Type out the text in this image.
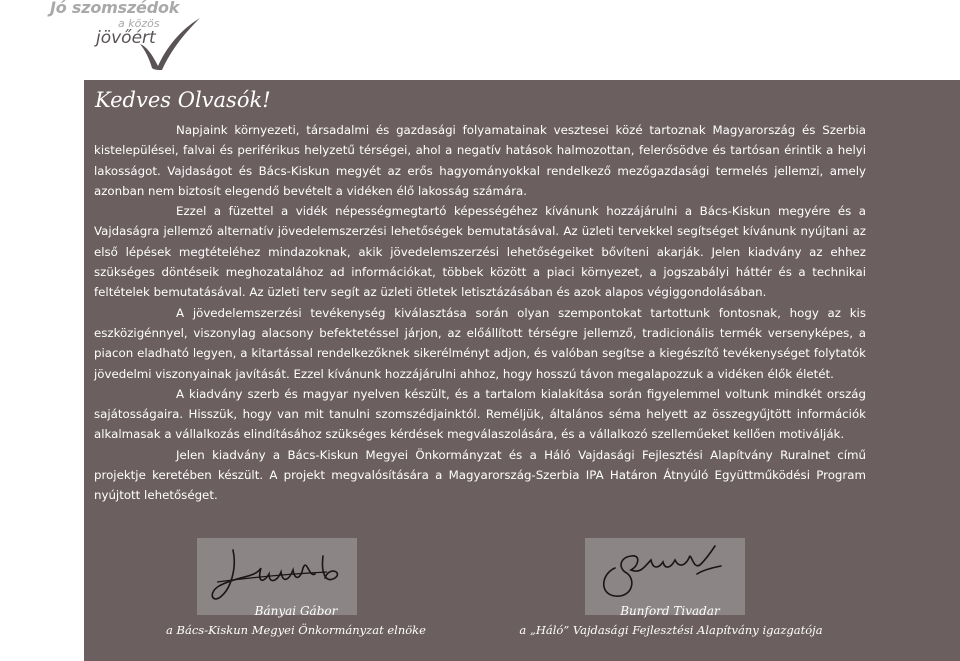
Jó szomszédok
a közös
jövőért
Kedves Olvasók!

Napjaink környezeti, társadalmi és gazdasági folyamatainak vesztesei közé tartoznak Magyarország és Szerbia kistelepülései, falvai és periférikus helyzetű térségei, ahol a negatív hatások halmozottan, felerősödve és tartósan érintik a helyi lakosságot. Vajdaságot és Bács-Kiskun megyét az erős hagyományokkal rendelkező mezőgazdasági termelés jellemzi, amely azonban nem biztosít elegendő bevételt a vidéken élő lakosság számára.

Ezzel a füzettel a vidék népességmegtartó képességéhez kívánunk hozzájárulni a Bács-Kiskun megyére és a Vajdaságra jellemző alternatív jövedelemszerzési lehetőségek bemutatásával. Az üzleti tervekkel segítséget kívánunk nyújtani az első lépések megtételéhez mindazoknak, akik jövedelemszerzési lehetőségeiket bővíteni akarják. Jelen kiadvány az ehhez szükséges döntéseik meghozatalához ad információkat, többek között a piaci környezet, a jogszabályi háttér és a technikai feltételek bemutatásával. Az üzleti terv segít az üzleti ötletek letisztázásában és azok alapos végiggondolásában.

A jövedelemszerzési tevékenység kiválasztása során olyan szempontokat tartottunk fontosnak, hogy az kis eszközigénnyel, viszonylag alacsony befektetéssel járjon, az előállított térségre jellemző, tradicionális termék versenyképes, a piacon eladható legyen, a kitartással rendelkezőknek sikerélményt adjon, és valóban segítse a kiegészítő tevékenységet folytatók jövedelmi viszonyainak javítását. Ezzel kívánunk hozzájárulni ahhoz, hogy hosszú távon megalapozzuk a vidéken élők életét.

A kiadvány szerb és magyar nyelven készült, és a tartalom kialakítása során figyelemmel voltunk mindkét ország sajátosságaira. Hisszük, hogy van mit tanulni szomszédjainktól. Reméljük, általános séma helyett az összegyűjtött információk alkalmasak a vállalkozás elindításához szükséges kérdések megválaszolására, és a vállalkozó szelleműeket kellően motiválják.

Jelen kiadvány a Bács-Kiskun Megyei Önkormányzat és a Háló Vajdasági Fejlesztési Alapítvány Ruralnet című projektje keretében készült. A projekt megvalósítására a Magyarország-Szerbia IPA Határon Átnyúló Együttműködési Program nyújtott lehetőséget.

Bányai Gábor
a Bács-Kiskun Megyei Önkormányzat elnöke
Bunford Tivadar
a „Háló” Vajdasági Fejlesztési Alapítvány igazgatója
